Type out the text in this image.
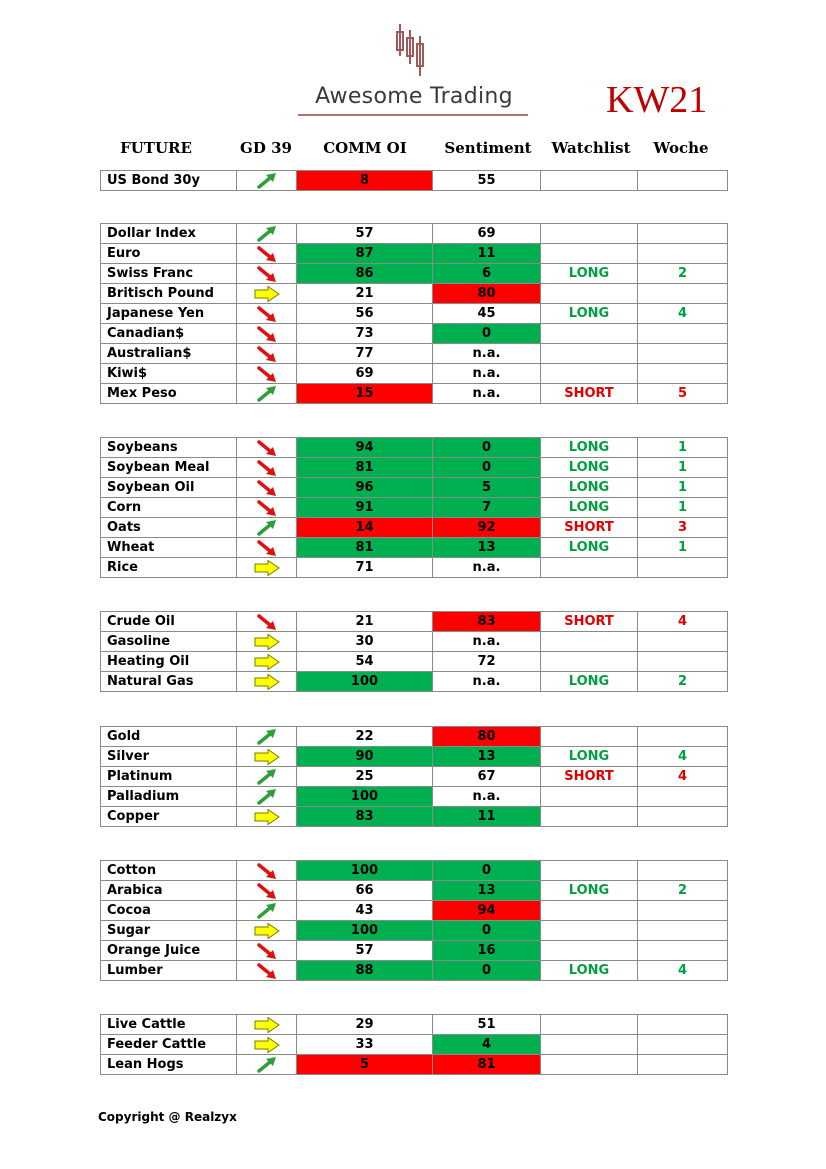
Awesome Trading	KW21
FUTURE	GD 39	COMM OI	Sentiment	Watchlist	Woche
US Bond 30y		8	55		
Dollar Index		57	69		
Euro		87	11		
Swiss Franc		86	6	LONG	2
Britisch Pound		21	80		
Japanese Yen		56	45	LONG	4
Canadian$		73	0		
Australian$		77	n.a.		
Kiwi$		69	n.a.		
Mex Peso		15	n.a.	SHORT	5
Soybeans		94	0	LONG	1
Soybean Meal		81	0	LONG	1
Soybean Oil		96	5	LONG	1
Corn		91	7	LONG	1
Oats		14	92	SHORT	3
Wheat		81	13	LONG	1
Rice		71	n.a.		
Crude Oil		21	83	SHORT	4
Gasoline		30	n.a.		
Heating Oil		54	72		
Natural Gas		100	n.a.	LONG	2
Gold		22	80		
Silver		90	13	LONG	4
Platinum		25	67	SHORT	4
Palladium		100	n.a.		
Copper		83	11		
Cotton		100	0		
Arabica		66	13	LONG	2
Cocoa		43	94		
Sugar		100	0		
Orange Juice		57	16		
Lumber		88	0	LONG	4
Live Cattle		29	51		
Feeder Cattle		33	4		
Lean Hogs		5	81		
Copyright @ Realzyx
